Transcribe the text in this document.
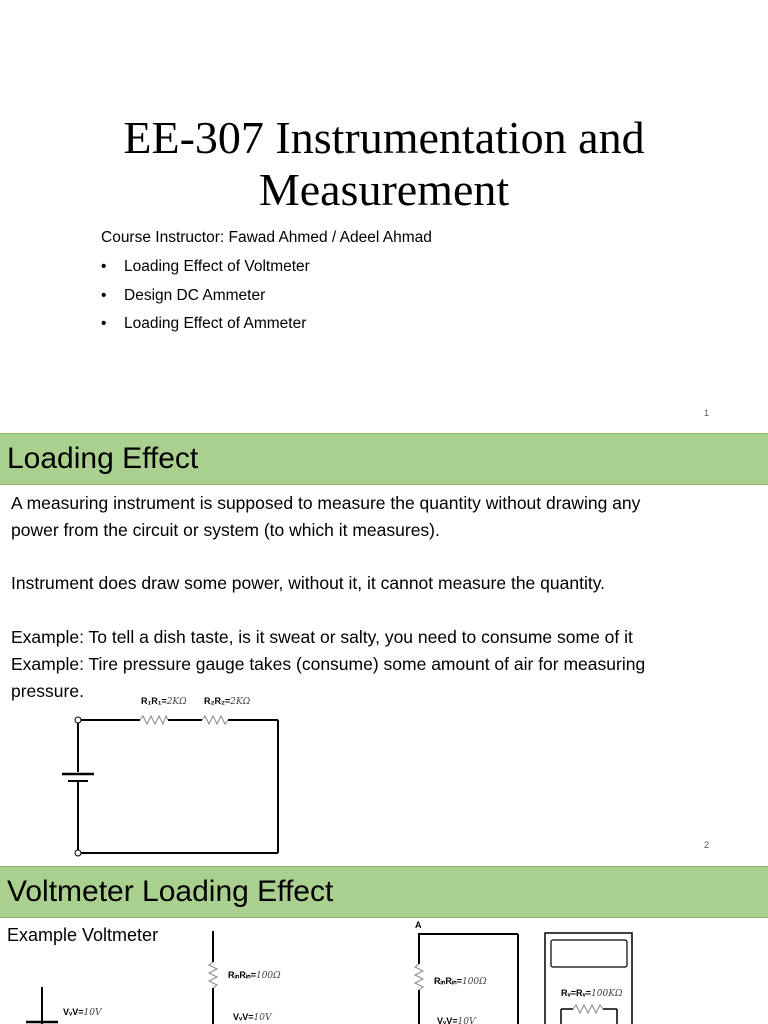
EE-307 Instrumentation and
Measurement
Course Instructor: Fawad Ahmed / Adeel Ahmad
• Loading Effect of Voltmeter
• Design DC Ammeter
• Loading Effect of Ammeter
1
Loading Effect
A measuring instrument is supposed to measure the quantity without drawing any
power from the circuit or system (to which it measures).
Instrument does draw some power, without it, it cannot measure the quantity.
Example: To tell a dish taste, is it sweat or salty, you need to consume some of it
Example: Tire pressure gauge takes (consume) some amount of air for measuring
pressure.
R₁R₁=2KΩ R₂R₂=2KΩ
2
Voltmeter Loading Effect
Example Voltmeter
RᵢₙRᵢₙ=100Ω	RᵢₙRᵢₙ=100Ω
VᵥV=10V	VᵥV=10V	VᵥV=10V
A
Rᵥ=Rᵥ=100KΩ
